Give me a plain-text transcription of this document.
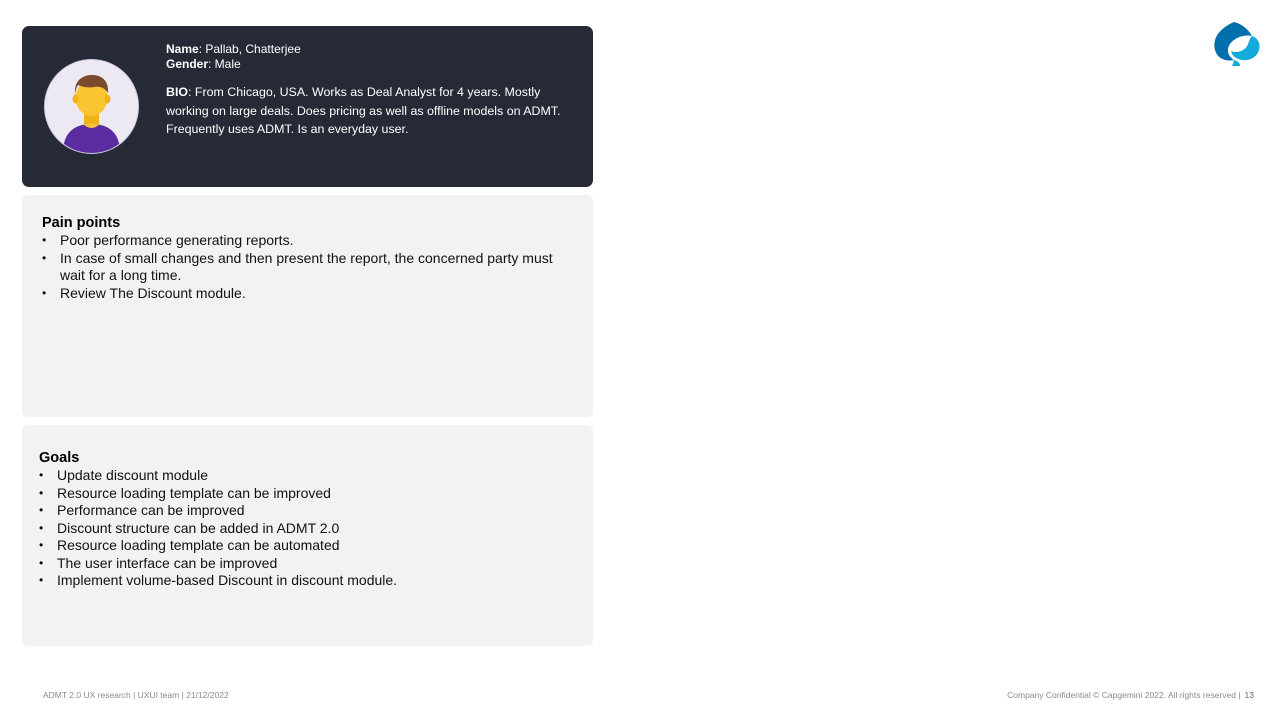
Name: Pallab, Chatterjee
Gender: Male
BIO: From Chicago, USA. Works as Deal Analyst for 4 years. Mostly working on large deals. Does pricing as well as offline models on ADMT. Frequently uses ADMT. Is an everyday user.
Pain points
• Poor performance generating reports.
• In case of small changes and then present the report, the concerned party must wait for a long time.
• Review The Discount module.
Goals
• Update discount module
• Resource loading template can be improved
• Performance can be improved
• Discount structure can be added in ADMT 2.0
• Resource loading template can be automated
• The user interface can be improved
• Implement volume-based Discount in discount module.
ADMT 2.0 UX research | UXUI team | 21/12/2022	Company Confidential © Capgemini 2022. All rights reserved | 13
